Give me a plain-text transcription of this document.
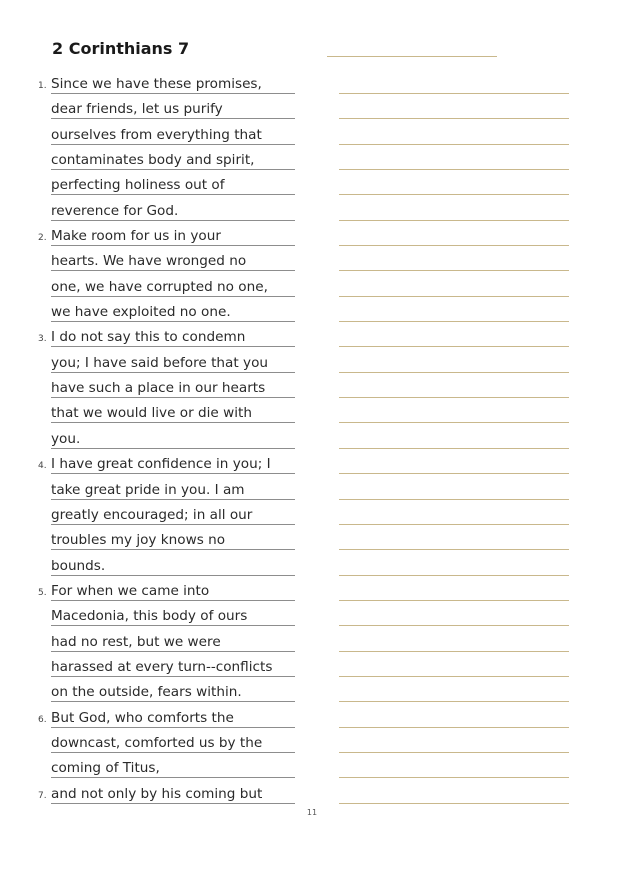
2 Corinthians 7
1. Since we have these promises,
dear friends, let us purify
ourselves from everything that
contaminates body and spirit,
perfecting holiness out of
reverence for God.
2. Make room for us in your
hearts. We have wronged no
one, we have corrupted no one,
we have exploited no one.
3. I do not say this to condemn
you; I have said before that you
have such a place in our hearts
that we would live or die with
you.
4. I have great confidence in you; I
take great pride in you. I am
greatly encouraged; in all our
troubles my joy knows no
bounds.
5. For when we came into
Macedonia, this body of ours
had no rest, but we were
harassed at every turn--conflicts
on the outside, fears within.
6. But God, who comforts the
downcast, comforted us by the
coming of Titus,
7. and not only by his coming but
11
